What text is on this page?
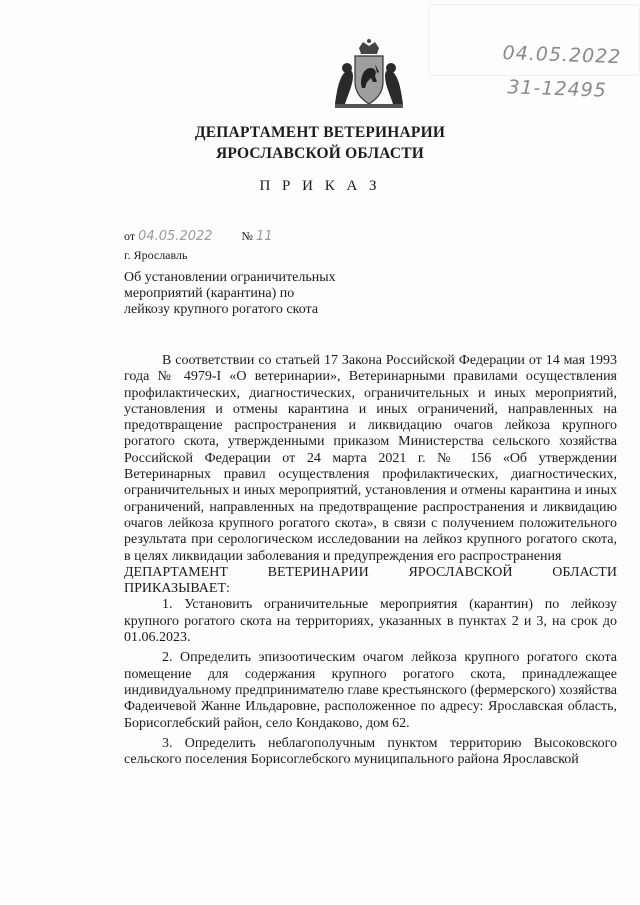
04.05.2022
31-12495
ДЕПАРТАМЕНТ ВЕТЕРИНАРИИ
ЯРОСЛАВСКОЙ ОБЛАСТИ
П Р И К А З
от 04.05.2022 № 11
г. Ярославль
Об установлении ограничительных
мероприятий (карантина) по
лейкозу крупного рогатого скота

В соответствии со статьей 17 Закона Российской Федерации от 14 мая 1993 года № 4979-I «О ветеринарии», Ветеринарными правилами осуществления профилактических, диагностических, ограничительных и иных мероприятий, установления и отмены карантина и иных ограничений, направленных на предотвращение распространения и ликвидацию очагов лейкоза крупного рогатого скота, утвержденными приказом Министерства сельского хозяйства Российской Федерации от 24 марта 2021 г. № 156 «Об утверждении Ветеринарных правил осуществления профилактических, диагностических, ограничительных и иных мероприятий, установления и отмены карантина и иных ограничений, направленных на предотвращение распространения и ликвидацию очагов лейкоза крупного рогатого скота», в связи с получением положительного результата при серологическом исследовании на лейкоз крупного рогатого скота, в целях ликвидации заболевания и предупреждения его распространения

ДЕПАРТАМЕНТ	ВЕТЕРИНАРИИ	ЯРОСЛАВСКОЙ	ОБЛАСТИ
ПРИКАЗЫВАЕТ:

1. Установить ограничительные мероприятия (карантин) по лейкозу крупного рогатого скота на территориях, указанных в пунктах 2 и 3, на срок до 01.06.2023.

2. Определить эпизоотическим очагом лейкоза крупного рогатого скота помещение для содержания крупного рогатого скота, принадлежащее индивидуальному предпринимателю главе крестьянского (фермерского) хозяйства Фадеичевой Жанне Ильдаровне, расположенное по адресу: Ярославская область, Борисоглебский район, село Кондаково, дом 62.

3. Определить неблагополучным пунктом территорию Высоковского сельского поселения Борисоглебского муниципального района Ярославской
